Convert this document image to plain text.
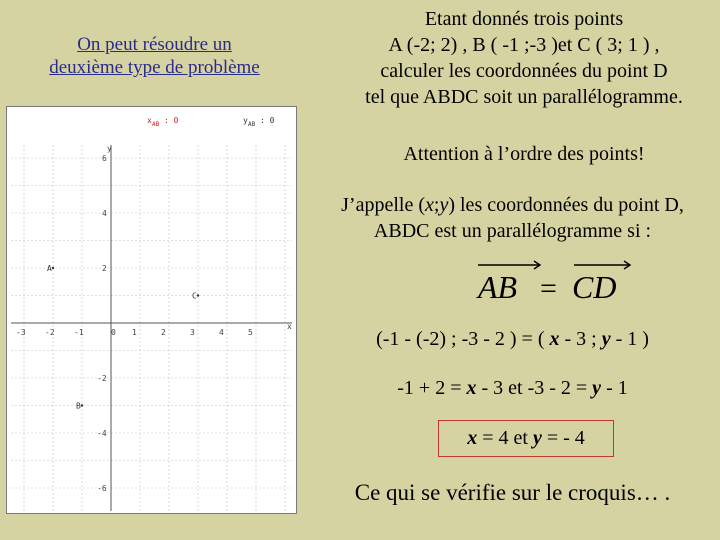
On peut résoudre un
deuxième type de problème
Etant donnés trois points
A (-2; 2) , B ( -1 ;-3 )et C ( 3; 1 ) ,
calculer les coordonnées du point D
tel que ABDC soit un parallélogramme.
Attention à l’ordre des points!
J’appelle (x;y) les coordonnées du point D,
ABDC est un parallélogramme si :
AB = CD
(-1 - (-2) ; -3 - 2 ) = ( x - 3 ; y - 1 )
-1 + 2 = x - 3 et -3 - 2 = y - 1
x = 4 et y = - 4
Ce qui se vérifie sur le croquis… .
-3 -2 -1	0 1	2	3	4	5
6
4
2
-2
-4
-6
x
y
A
B
C
x AB : 0	y AB : 0
